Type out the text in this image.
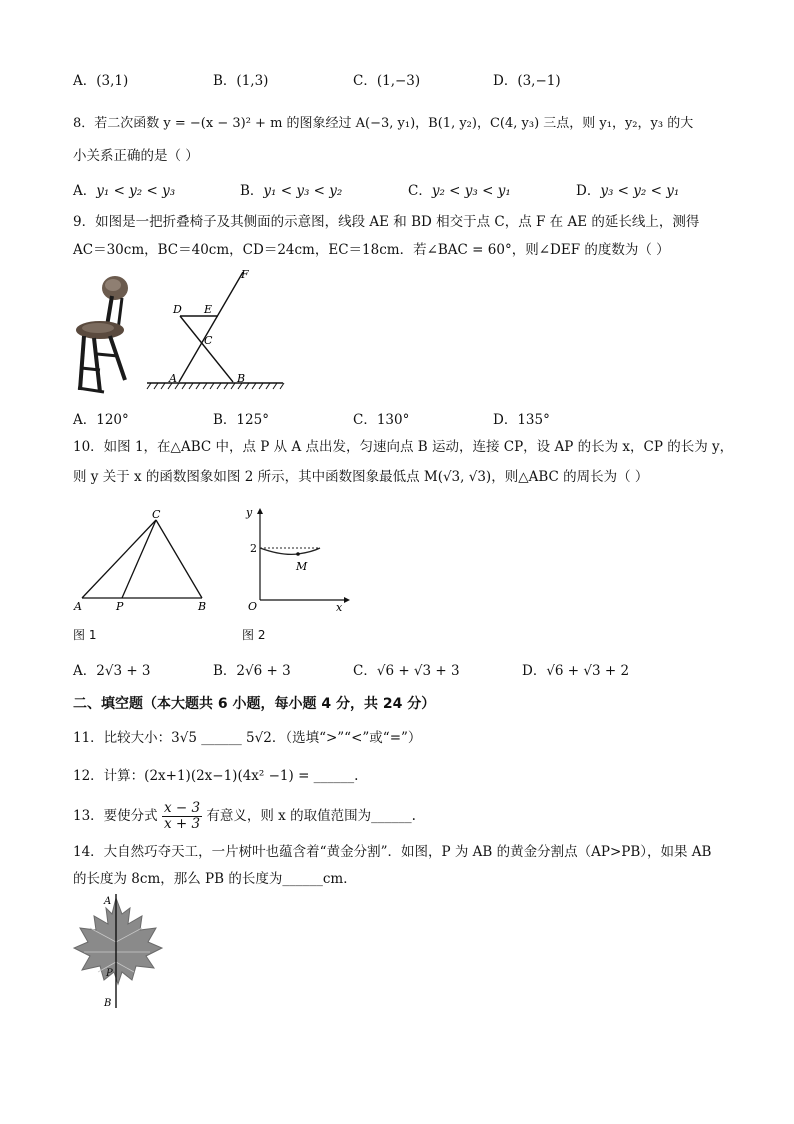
A．(3,1)	B．(1,3)	C．(1,−3)	D．(3,−1)
8．若二次函数 y = −(x − 3)² + m 的图象经过 A(−3, y₁)，B(1, y₂)，C(4, y₃) 三点，则 y₁，y₂，y₃ 的大
小关系正确的是（ ）
A．y₁ < y₂ < y₃	B．y₁ < y₃ < y₂	C．y₂ < y₃ < y₁	D．y₃ < y₂ < y₁
9．如图是一把折叠椅子及其侧面的示意图，线段 AE 和 BD 相交于点 C，点 F 在 AE 的延长线上，测得
AC＝30cm，BC＝40cm，CD＝24cm，EC＝18cm．若∠BAC = 60°，则∠DEF 的度数为（ ）
D E
F
C
A	B
A．120°	B．125°	C．130°	D．135°
10．如图 1，在△ABC 中，点 P 从 A 点出发，匀速向点 B 运动，连接 CP，设 AP 的长为 x，CP 的长为 y，
则 y 关于 x 的函数图象如图 2 所示，其中函数图象最低点 M(√3, √3)，则△ABC 的周长为（ ）
C
A	P	B
y
2
M
O	x
图 1	图 2
A．2√3 + 3	B．2√6 + 3	C．√6 + √3 + 3	D．√6 + √3 + 2
二、填空题（本大题共 6 小题，每小题 4 分，共 24 分）
11．比较大小：3√5 ______ 5√2．（选填“>”“<”或“=”）
12．计算：(2x+1)(2x−1)(4x² −1) = ______.
13．要使分式 $\frac{x - 3}{x + 3}$ 有意义，则 x 的取值范围为______.
14．大自然巧夺天工，一片树叶也蕴含着“黄金分割”．如图，P 为 AB 的黄金分割点（AP>PB），如果 AB
的长度为 8cm，那么 PB 的长度为______cm．
A
P
B
